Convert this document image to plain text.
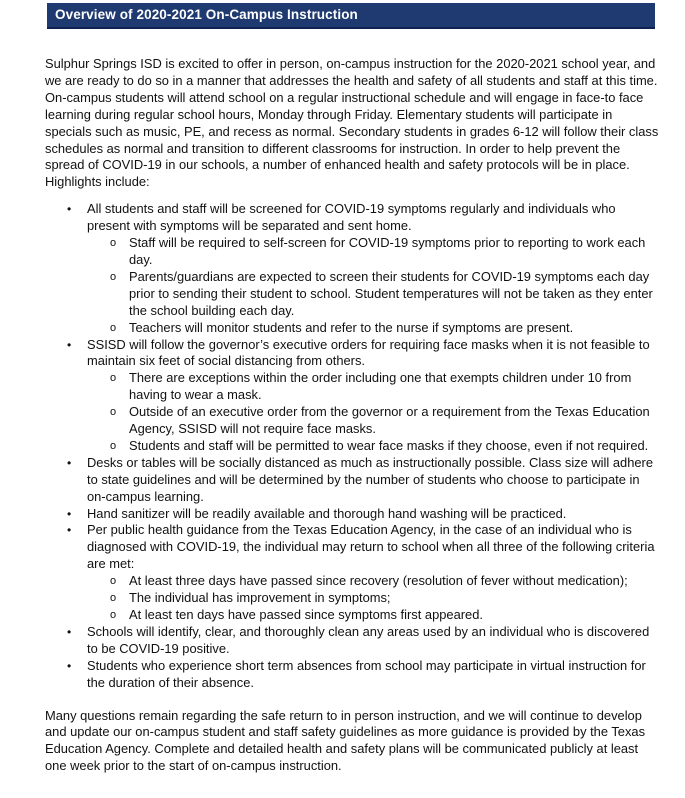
Overview of 2020-2021 On-Campus Instruction

Sulphur Springs ISD is excited to offer in person, on-campus instruction for the 2020-2021 school year, and we are ready to do so in a manner that addresses the health and safety of all students and staff at this time. On-campus students will attend school on a regular instructional schedule and will engage in face-to face learning during regular school hours, Monday through Friday. Elementary students will participate in specials such as music, PE, and recess as normal. Secondary students in grades 6-12 will follow their class schedules as normal and transition to different classrooms for instruction. In order to help prevent the spread of COVID-19 in our schools, a number of enhanced health and safety protocols will be in place. Highlights include:

• All students and staff will be screened for COVID-19 symptoms regularly and individuals who present with symptoms will be separated and sent home.
o Staff will be required to self-screen for COVID-19 symptoms prior to reporting to work each day.
o Parents/guardians are expected to screen their students for COVID-19 symptoms each day prior to sending their student to school. Student temperatures will not be taken as they enter the school building each day.
o Teachers will monitor students and refer to the nurse if symptoms are present.
• SSISD will follow the governor’s executive orders for requiring face masks when it is not feasible to maintain six feet of social distancing from others.
o There are exceptions within the order including one that exempts children under 10 from having to wear a mask.
o Outside of an executive order from the governor or a requirement from the Texas Education Agency, SSISD will not require face masks.
o Students and staff will be permitted to wear face masks if they choose, even if not required.
• Desks or tables will be socially distanced as much as instructionally possible. Class size will adhere to state guidelines and will be determined by the number of students who choose to participate in on-campus learning.
• Hand sanitizer will be readily available and thorough hand washing will be practiced.
• Per public health guidance from the Texas Education Agency, in the case of an individual who is diagnosed with COVID-19, the individual may return to school when all three of the following criteria are met:
o At least three days have passed since recovery (resolution of fever without medication);
o The individual has improvement in symptoms;
o At least ten days have passed since symptoms first appeared.
• Schools will identify, clear, and thoroughly clean any areas used by an individual who is discovered to be COVID-19 positive.
• Students who experience short term absences from school may participate in virtual instruction for the duration of their absence.

Many questions remain regarding the safe return to in person instruction, and we will continue to develop and update our on-campus student and staff safety guidelines as more guidance is provided by the Texas Education Agency. Complete and detailed health and safety plans will be communicated publicly at least one week prior to the start of on-campus instruction.
